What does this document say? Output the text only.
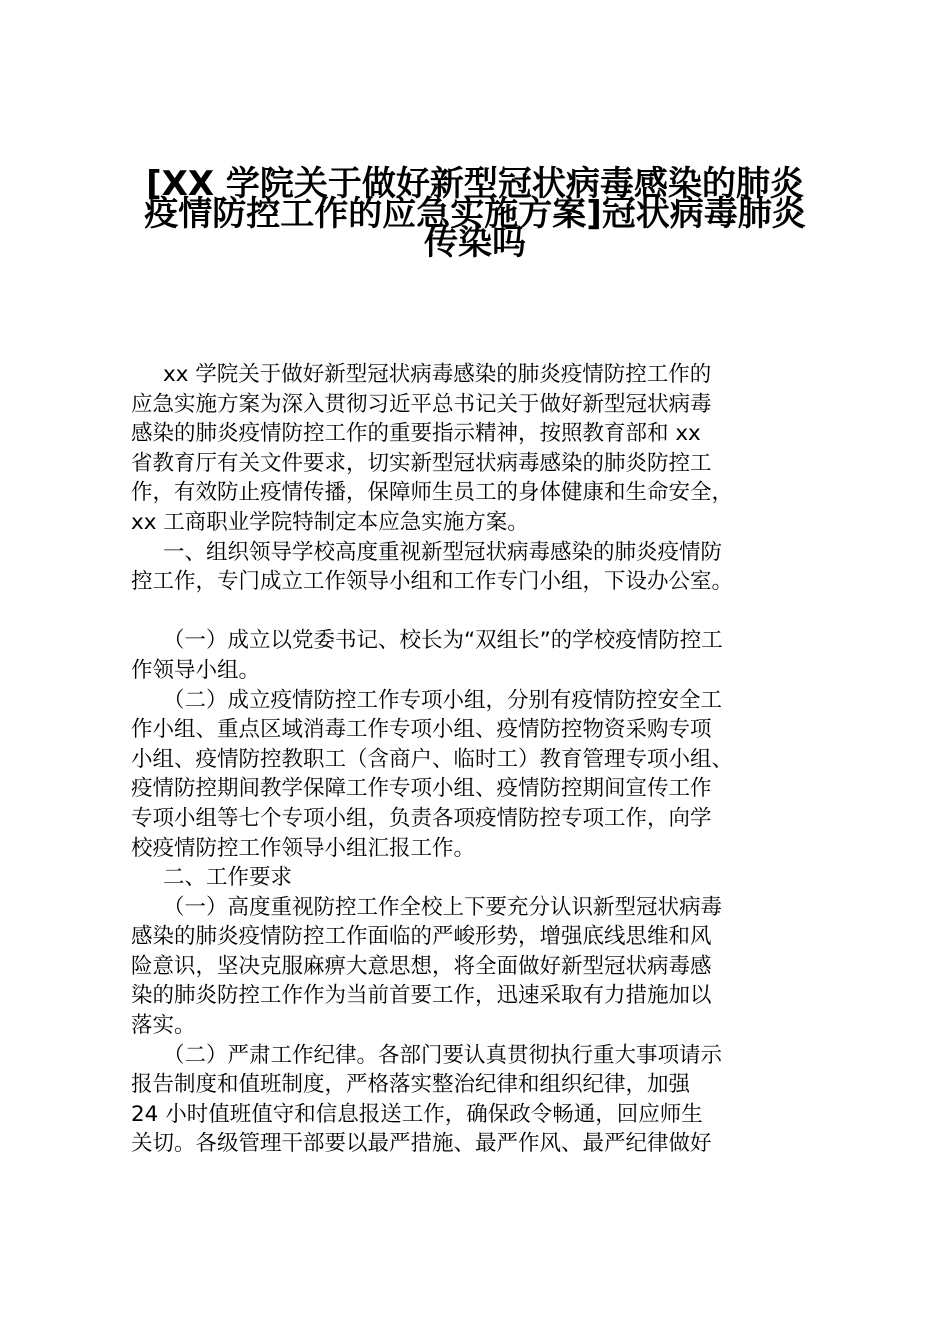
[XX 学院关于做好新型冠状病毒感染的肺炎
疫情防控工作的应急实施方案]冠状病毒肺炎
传染吗
xx 学院关于做好新型冠状病毒感染的肺炎疫情防控工作的
应急实施方案为深入贯彻习近平总书记关于做好新型冠状病毒
感染的肺炎疫情防控工作的重要指示精神，按照教育部和 xx
省教育厅有关文件要求，切实新型冠状病毒感染的肺炎防控工
作，有效防止疫情传播，保障师生员工的身体健康和生命安全，
xx 工商职业学院特制定本应急实施方案。
一、组织领导学校高度重视新型冠状病毒感染的肺炎疫情防
控工作，专门成立工作领导小组和工作专门小组，下设办公室。
（一）成立以党委书记、校长为“双组长”的学校疫情防控工
作领导小组。
（二）成立疫情防控工作专项小组，分别有疫情防控安全工
作小组、重点区域消毒工作专项小组、疫情防控物资采购专项
小组、疫情防控教职工（含商户、临时工）教育管理专项小组、
疫情防控期间教学保障工作专项小组、疫情防控期间宣传工作
专项小组等七个专项小组，负责各项疫情防控专项工作，向学
校疫情防控工作领导小组汇报工作。
二、工作要求
（一）高度重视防控工作全校上下要充分认识新型冠状病毒
感染的肺炎疫情防控工作面临的严峻形势，增强底线思维和风
险意识，坚决克服麻痹大意思想，将全面做好新型冠状病毒感
染的肺炎防控工作作为当前首要工作，迅速采取有力措施加以
落实。
（二）严肃工作纪律。各部门要认真贯彻执行重大事项请示
报告制度和值班制度，严格落实整治纪律和组织纪律，加强
24 小时值班值守和信息报送工作，确保政令畅通，回应师生
关切。各级管理干部要以最严措施、最严作风、最严纪律做好
